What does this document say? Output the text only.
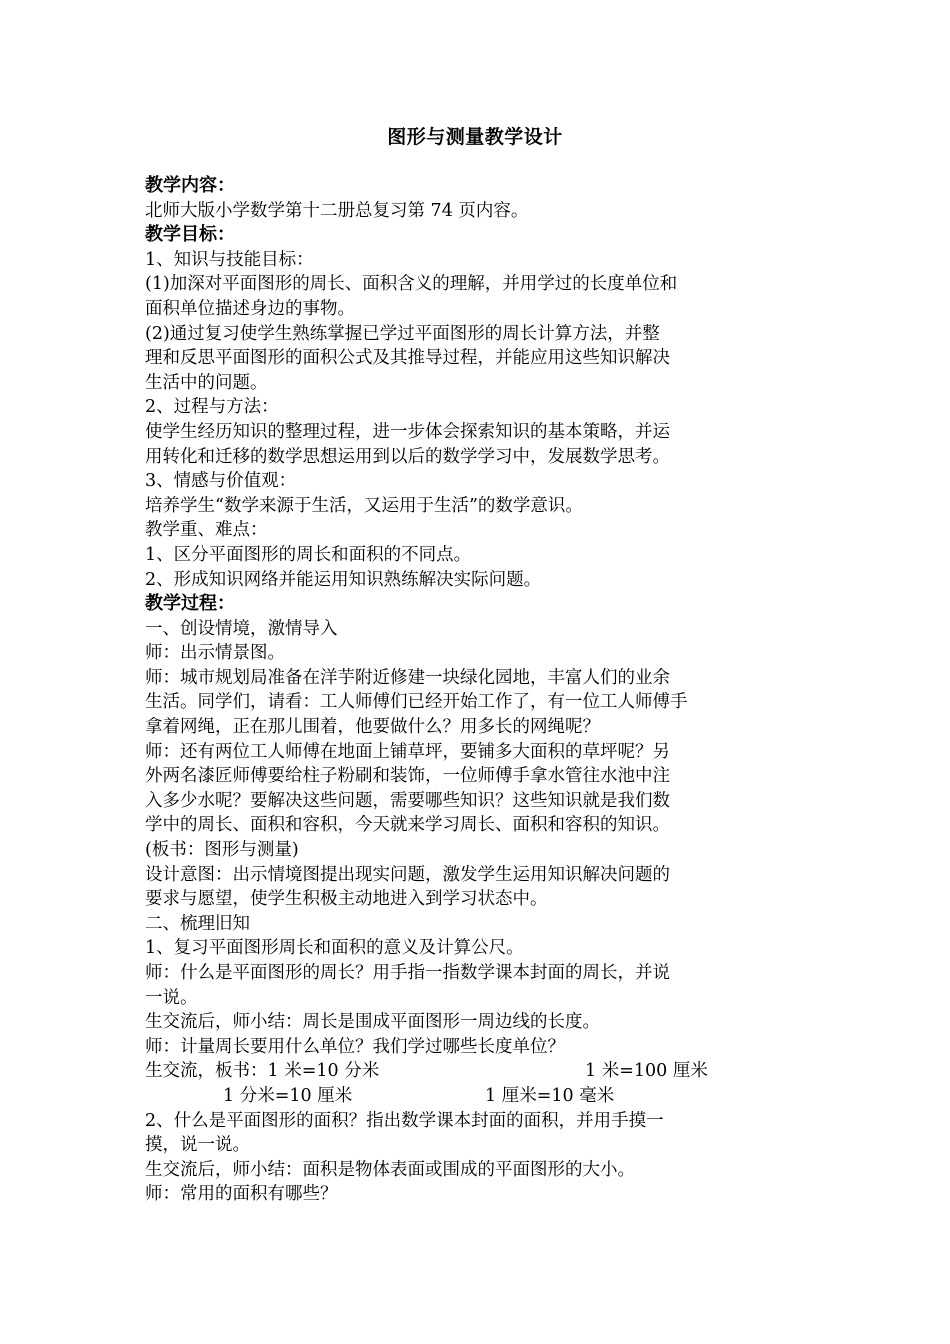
图形与测量教学设计
教学内容：
北师大版小学数学第十二册总复习第 74 页内容。
教学目标：
1、知识与技能目标：
(1)加深对平面图形的周长、面积含义的理解，并用学过的长度单位和
面积单位描述身边的事物。
(2)通过复习使学生熟练掌握已学过平面图形的周长计算方法，并整
理和反思平面图形的面积公式及其推导过程，并能应用这些知识解决
生活中的问题。
2、过程与方法：
使学生经历知识的整理过程，进一步体会探索知识的基本策略，并运
用转化和迁移的数学思想运用到以后的数学学习中，发展数学思考。
3、情感与价值观：
培养学生“数学来源于生活，又运用于生活”的数学意识。
教学重、难点：
1、区分平面图形的周长和面积的不同点。
2、形成知识网络并能运用知识熟练解决实际问题。
教学过程：
一、创设情境，激情导入
师：出示情景图。
师：城市规划局准备在洋芋附近修建一块绿化园地，丰富人们的业余
生活。同学们，请看：工人师傅们已经开始工作了，有一位工人师傅手
拿着网绳，正在那儿围着，他要做什么？用多长的网绳呢？
师：还有两位工人师傅在地面上铺草坪，要铺多大面积的草坪呢？另
外两名漆匠师傅要给柱子粉刷和装饰，一位师傅手拿水管往水池中注
入多少水呢？要解决这些问题，需要哪些知识？这些知识就是我们数
学中的周长、面积和容积，今天就来学习周长、面积和容积的知识。
(板书：图形与测量)
设计意图：出示情境图提出现实问题，激发学生运用知识解决问题的
要求与愿望，使学生积极主动地进入到学习状态中。
二、梳理旧知
1、复习平面图形周长和面积的意义及计算公尺。
师：什么是平面图形的周长？用手指一指数学课本封面的周长，并说
一说。
生交流后，师小结：周长是围成平面图形一周边线的长度。
师：计量周长要用什么单位？我们学过哪些长度单位？
生交流，板书：1 米=10 分米	1 米=100 厘米
1 分米=10 厘米	1 厘米=10 毫米
2、什么是平面图形的面积？指出数学课本封面的面积，并用手摸一
摸，说一说。
生交流后，师小结：面积是物体表面或围成的平面图形的大小。
师：常用的面积有哪些？
